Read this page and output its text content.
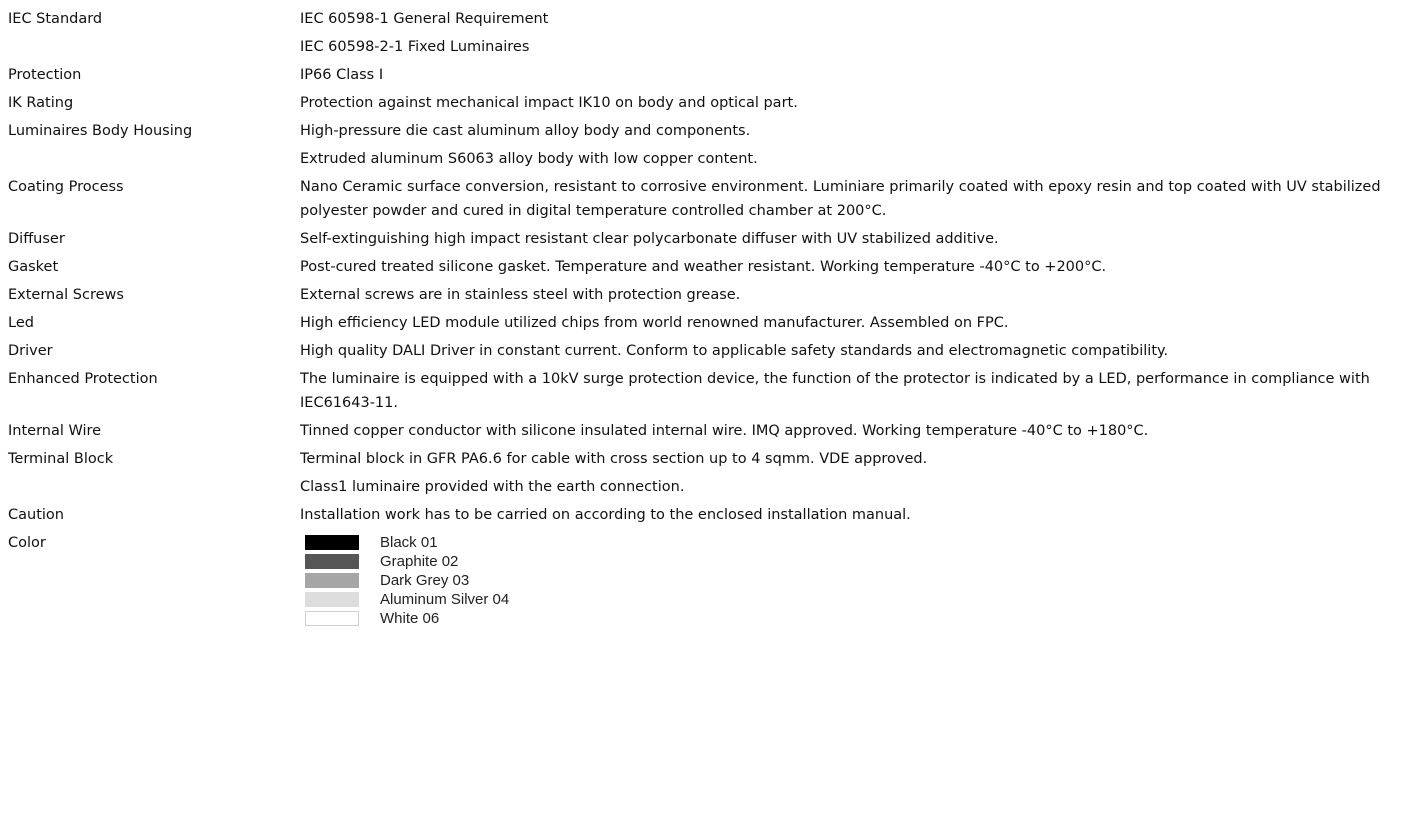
IEC Standard	IEC 60598-1 General Requirement
IEC 60598-2-1 Fixed Luminaires
Protection	IP66 Class I
IK Rating	Protection against mechanical impact IK10 on body and optical part.
Luminaires Body Housing	High-pressure die cast aluminum alloy body and components.
Extruded aluminum S6063 alloy body with low copper content.
Coating Process	Nano Ceramic surface conversion, resistant to corrosive environment. Luminiare primarily coated with epoxy resin and top coated with UV stabilized polyester powder and cured in digital temperature controlled chamber at 200°C.
Diffuser	Self-extinguishing high impact resistant clear polycarbonate diffuser with UV stabilized additive.
Gasket	Post-cured treated silicone gasket. Temperature and weather resistant. Working temperature -40°C to +200°C.
External Screws	External screws are in stainless steel with protection grease.
Led	High efficiency LED module utilized chips from world renowned manufacturer. Assembled on FPC.
Driver	High quality DALI Driver in constant current. Conform to applicable safety standards and electromagnetic compatibility.
Enhanced Protection	The luminaire is equipped with a 10kV surge protection device, the function of the protector is indicated by a LED, performance in compliance with IEC61643-11.
Internal Wire	Tinned copper conductor with silicone insulated internal wire. IMQ approved. Working temperature -40°C to +180°C.
Terminal Block	Terminal block in GFR PA6.6 for cable with cross section up to 4 sqmm. VDE approved.
Class1 luminaire provided with the earth connection.
Caution	Installation work has to be carried on according to the enclosed installation manual.
Color	Black 01
Graphite 02
Dark Grey 03
Aluminum Silver 04
White 06
